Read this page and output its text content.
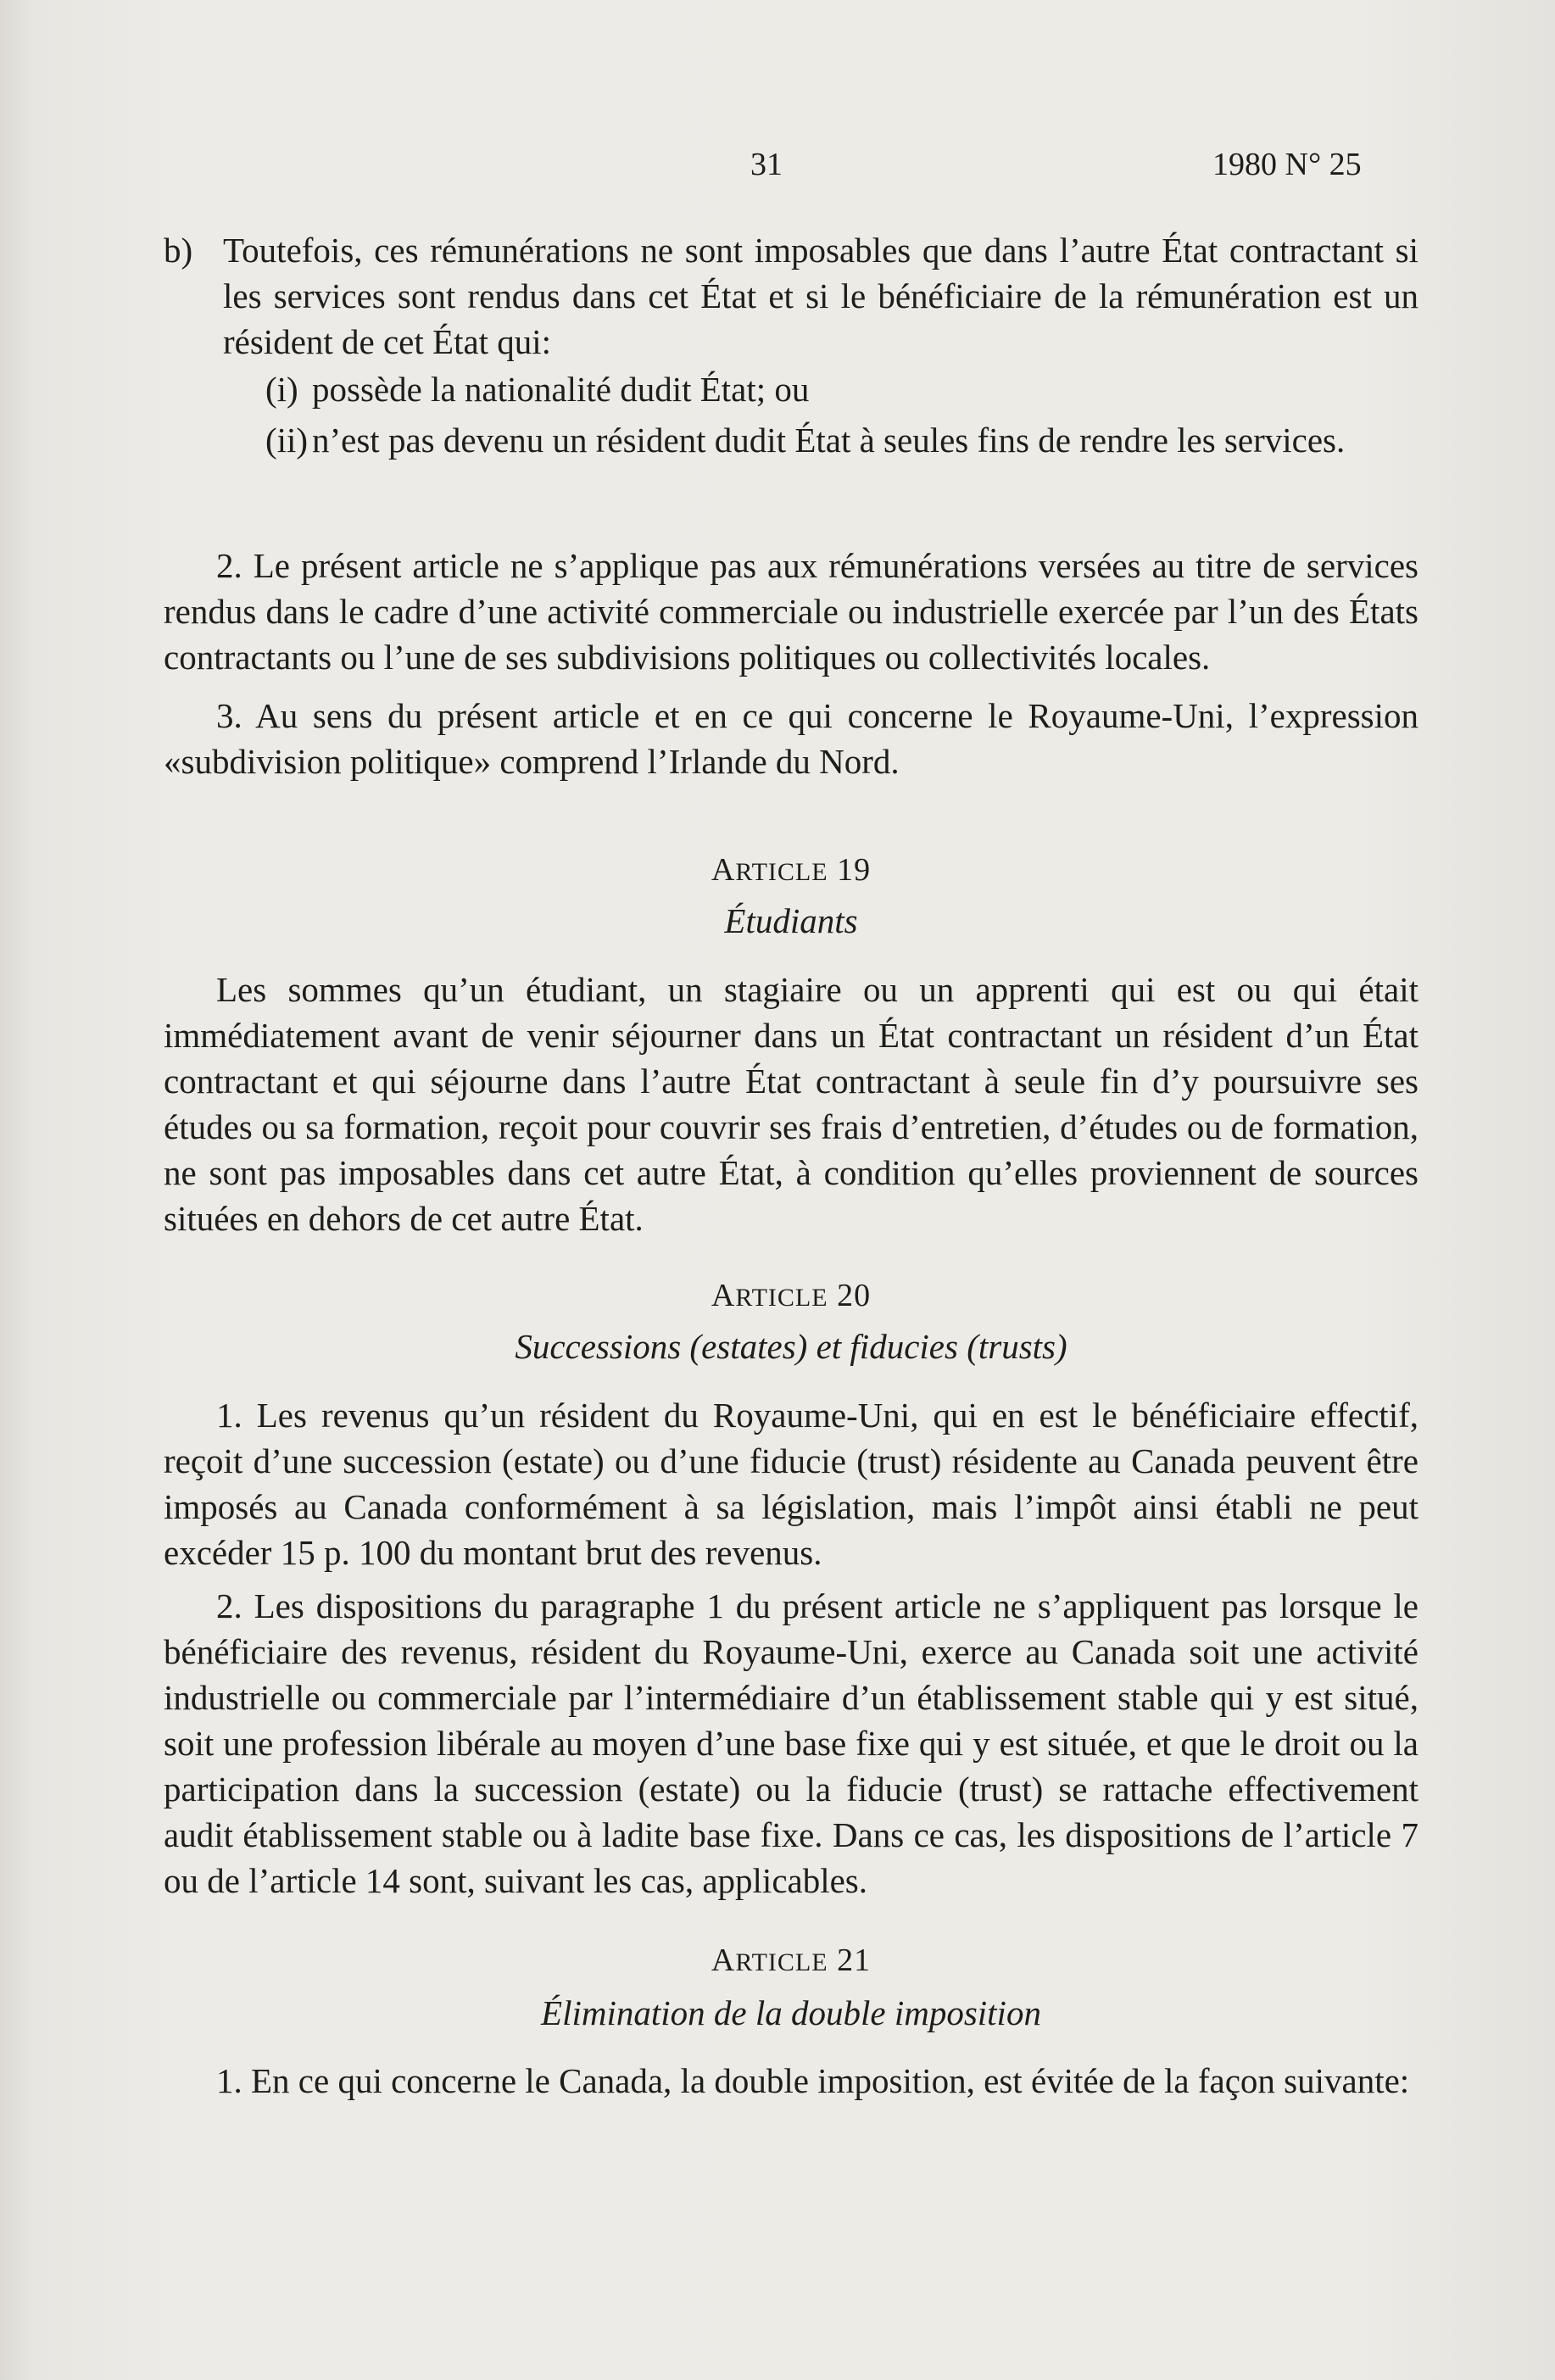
31	1980 N° 25

b) Toutefois, ces rémunérations ne sont imposables que dans l’autre État contractant si les services sont rendus dans cet État et si le bénéficiaire de la rémunération est un résident de cet État qui:

(i) possède la nationalité dudit État; ou

(ii) n’est pas devenu un résident dudit État à seules fins de rendre les services.

2. Le présent article ne s’applique pas aux rémunérations versées au titre de services rendus dans le cadre d’une activité commerciale ou industrielle exercée par l’un des États contractants ou l’une de ses subdivisions politiques ou collectivités locales.

3. Au sens du présent article et en ce qui concerne le Royaume-Uni, l’expression «subdivision politique» comprend l’Irlande du Nord.

ARTICLE 19
Étudiants

Les sommes qu’un étudiant, un stagiaire ou un apprenti qui est ou qui était immédiatement avant de venir séjourner dans un État contractant un résident d’un État contractant et qui séjourne dans l’autre État contractant à seule fin d’y poursuivre ses études ou sa formation, reçoit pour couvrir ses frais d’entretien, d’études ou de formation, ne sont pas imposables dans cet autre État, à condition qu’elles proviennent de sources situées en dehors de cet autre État.

ARTICLE 20
Successions (estates) et fiducies (trusts)

1. Les revenus qu’un résident du Royaume-Uni, qui en est le bénéficiaire effectif, reçoit d’une succession (estate) ou d’une fiducie (trust) résidente au Canada peuvent être imposés au Canada conformément à sa législation, mais l’impôt ainsi établi ne peut excéder 15 p. 100 du montant brut des revenus.

2. Les dispositions du paragraphe 1 du présent article ne s’appliquent pas lorsque le bénéficiaire des revenus, résident du Royaume-Uni, exerce au Canada soit une activité industrielle ou commerciale par l’intermédiaire d’un établissement stable qui y est situé, soit une profession libérale au moyen d’une base fixe qui y est située, et que le droit ou la participation dans la succession (estate) ou la fiducie (trust) se rattache effectivement audit établissement stable ou à ladite base fixe. Dans ce cas, les dispositions de l’article 7 ou de l’article 14 sont, suivant les cas, applicables.

ARTICLE 21
Élimination de la double imposition

1. En ce qui concerne le Canada, la double imposition, est évitée de la façon suivante:
